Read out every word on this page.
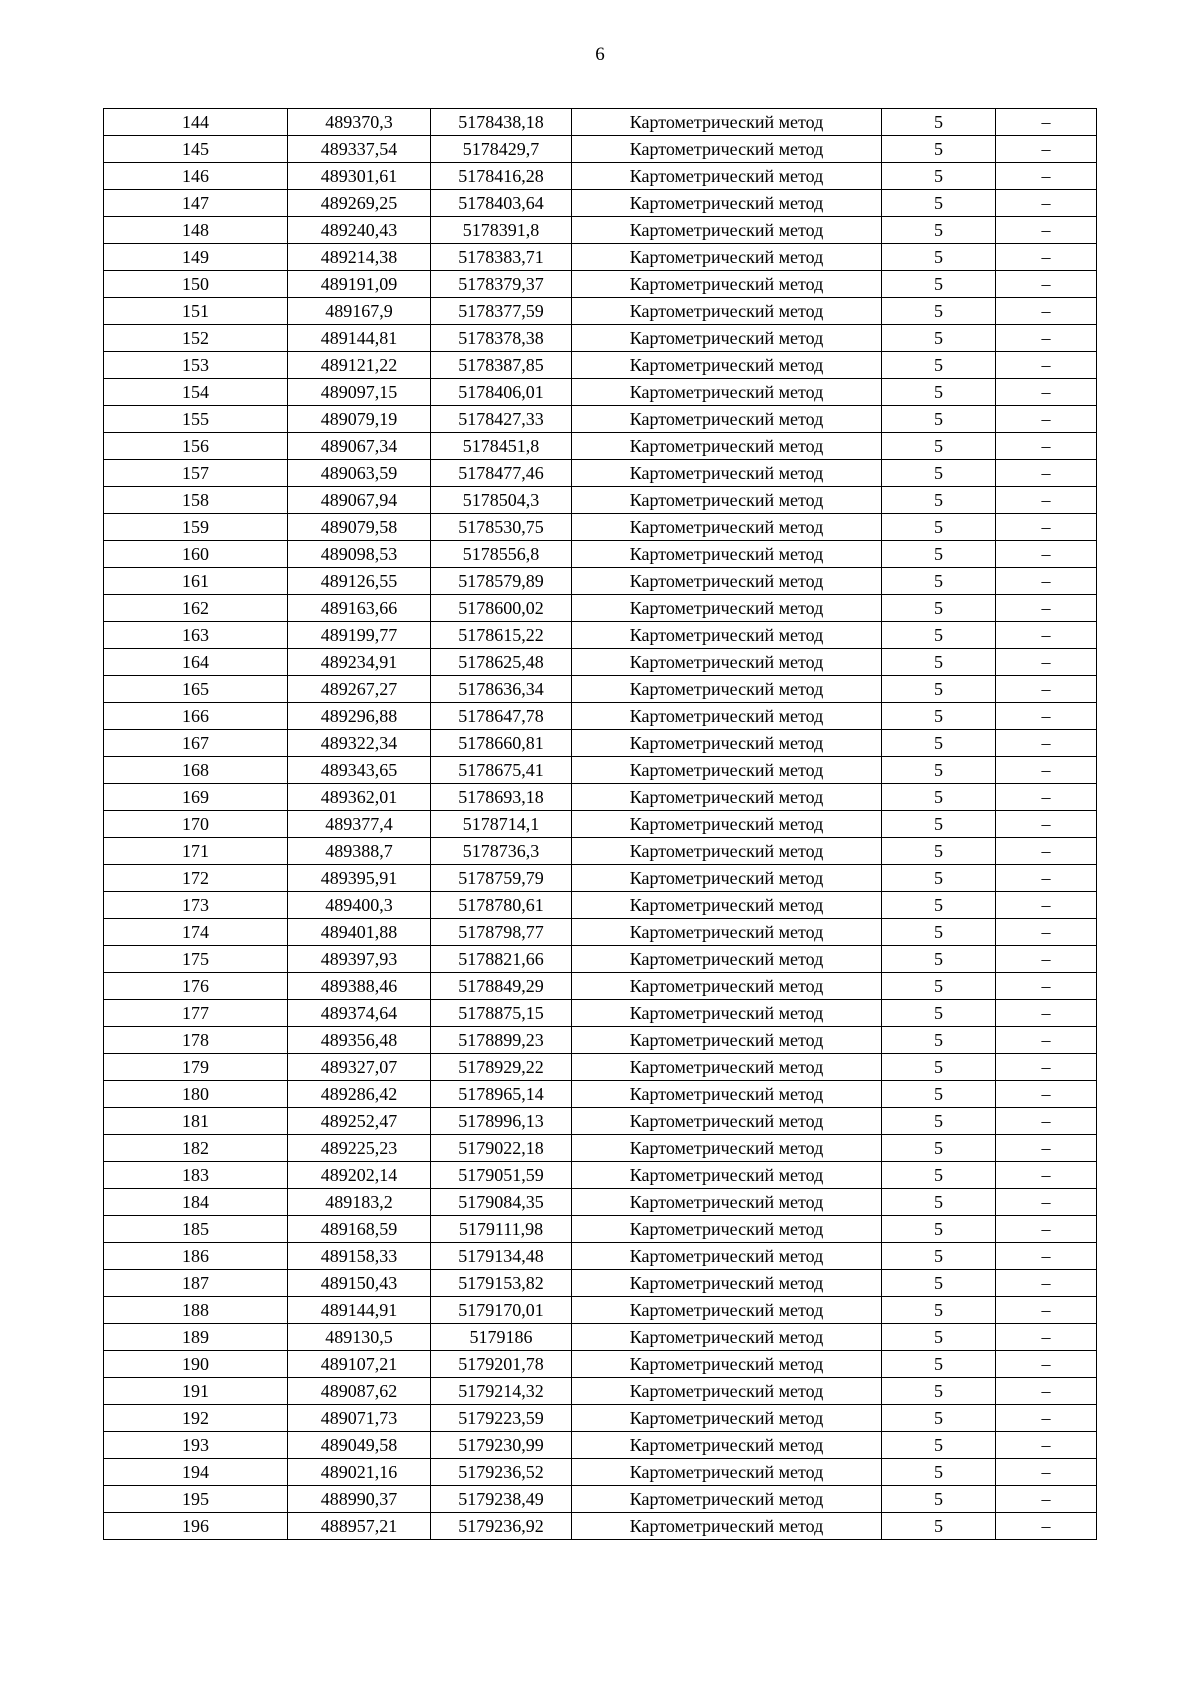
6
144	489370,3	5178438,18	Картометрический метод	5	–
145	489337,54	5178429,7	Картометрический метод	5	–
146	489301,61	5178416,28	Картометрический метод	5	–
147	489269,25	5178403,64	Картометрический метод	5	–
148	489240,43	5178391,8	Картометрический метод	5	–
149	489214,38	5178383,71	Картометрический метод	5	–
150	489191,09	5178379,37	Картометрический метод	5	–
151	489167,9	5178377,59	Картометрический метод	5	–
152	489144,81	5178378,38	Картометрический метод	5	–
153	489121,22	5178387,85	Картометрический метод	5	–
154	489097,15	5178406,01	Картометрический метод	5	–
155	489079,19	5178427,33	Картометрический метод	5	–
156	489067,34	5178451,8	Картометрический метод	5	–
157	489063,59	5178477,46	Картометрический метод	5	–
158	489067,94	5178504,3	Картометрический метод	5	–
159	489079,58	5178530,75	Картометрический метод	5	–
160	489098,53	5178556,8	Картометрический метод	5	–
161	489126,55	5178579,89	Картометрический метод	5	–
162	489163,66	5178600,02	Картометрический метод	5	–
163	489199,77	5178615,22	Картометрический метод	5	–
164	489234,91	5178625,48	Картометрический метод	5	–
165	489267,27	5178636,34	Картометрический метод	5	–
166	489296,88	5178647,78	Картометрический метод	5	–
167	489322,34	5178660,81	Картометрический метод	5	–
168	489343,65	5178675,41	Картометрический метод	5	–
169	489362,01	5178693,18	Картометрический метод	5	–
170	489377,4	5178714,1	Картометрический метод	5	–
171	489388,7	5178736,3	Картометрический метод	5	–
172	489395,91	5178759,79	Картометрический метод	5	–
173	489400,3	5178780,61	Картометрический метод	5	–
174	489401,88	5178798,77	Картометрический метод	5	–
175	489397,93	5178821,66	Картометрический метод	5	–
176	489388,46	5178849,29	Картометрический метод	5	–
177	489374,64	5178875,15	Картометрический метод	5	–
178	489356,48	5178899,23	Картометрический метод	5	–
179	489327,07	5178929,22	Картометрический метод	5	–
180	489286,42	5178965,14	Картометрический метод	5	–
181	489252,47	5178996,13	Картометрический метод	5	–
182	489225,23	5179022,18	Картометрический метод	5	–
183	489202,14	5179051,59	Картометрический метод	5	–
184	489183,2	5179084,35	Картометрический метод	5	–
185	489168,59	5179111,98	Картометрический метод	5	–
186	489158,33	5179134,48	Картометрический метод	5	–
187	489150,43	5179153,82	Картометрический метод	5	–
188	489144,91	5179170,01	Картометрический метод	5	–
189	489130,5	5179186	Картометрический метод	5	–
190	489107,21	5179201,78	Картометрический метод	5	–
191	489087,62	5179214,32	Картометрический метод	5	–
192	489071,73	5179223,59	Картометрический метод	5	–
193	489049,58	5179230,99	Картометрический метод	5	–
194	489021,16	5179236,52	Картометрический метод	5	–
195	488990,37	5179238,49	Картометрический метод	5	–
196	488957,21	5179236,92	Картометрический метод	5	–
